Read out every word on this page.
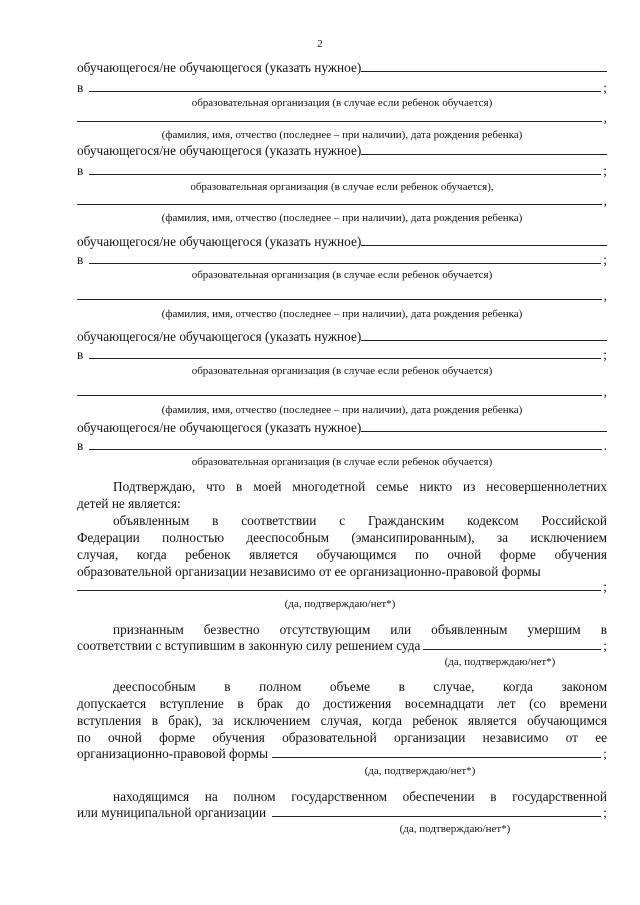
2
обучающегося/не обучающегося (указать нужное)
в	;
образовательная организация (в случае если ребенок обучается)
,
(фамилия, имя, отчество (последнее – при наличии), дата рождения ребенка)
обучающегося/не обучающегося (указать нужное)
в	;
образовательная организация (в случае если ребенок обучается),
,
(фамилия, имя, отчество (последнее – при наличии), дата рождения ребенка)
обучающегося/не обучающегося (указать нужное)
в	;
образовательная организация (в случае если ребенок обучается)
,
(фамилия, имя, отчество (последнее – при наличии), дата рождения ребенка)
обучающегося/не обучающегося (указать нужное)
в	;
образовательная организация (в случае если ребенок обучается)
,
(фамилия, имя, отчество (последнее – при наличии), дата рождения ребенка)
обучающегося/не обучающегося (указать нужное)
в	.
образовательная организация (в случае если ребенок обучается)
Подтверждаю, что в моей многодетной семье никто из несовершеннолетних
детей не является:
объявленным в соответствии с Гражданским кодексом Российской
Федерации полностью дееспособным (эмансипированным), за исключением
случая, когда ребенок является обучающимся по очной форме обучения
образовательной организации независимо от ее организационно-правовой формы
;
(да, подтверждаю/нет*)
признанным безвестно отсутствующим или объявленным умершим в
соответствии с вступившим в законную силу решением суда	;
(да, подтверждаю/нет*)
дееспособным в полном объеме в случае, когда законом
допускается вступление в брак до достижения восемнадцати лет (со времени
вступления в брак), за исключением случая, когда ребенок является обучающимся
по очной форме обучения образовательной организации независимо от ее
организационно-правовой формы	;
(да, подтверждаю/нет*)
находящимся на полном государственном обеспечении в государственной
или муниципальной организации	;
(да, подтверждаю/нет*)
